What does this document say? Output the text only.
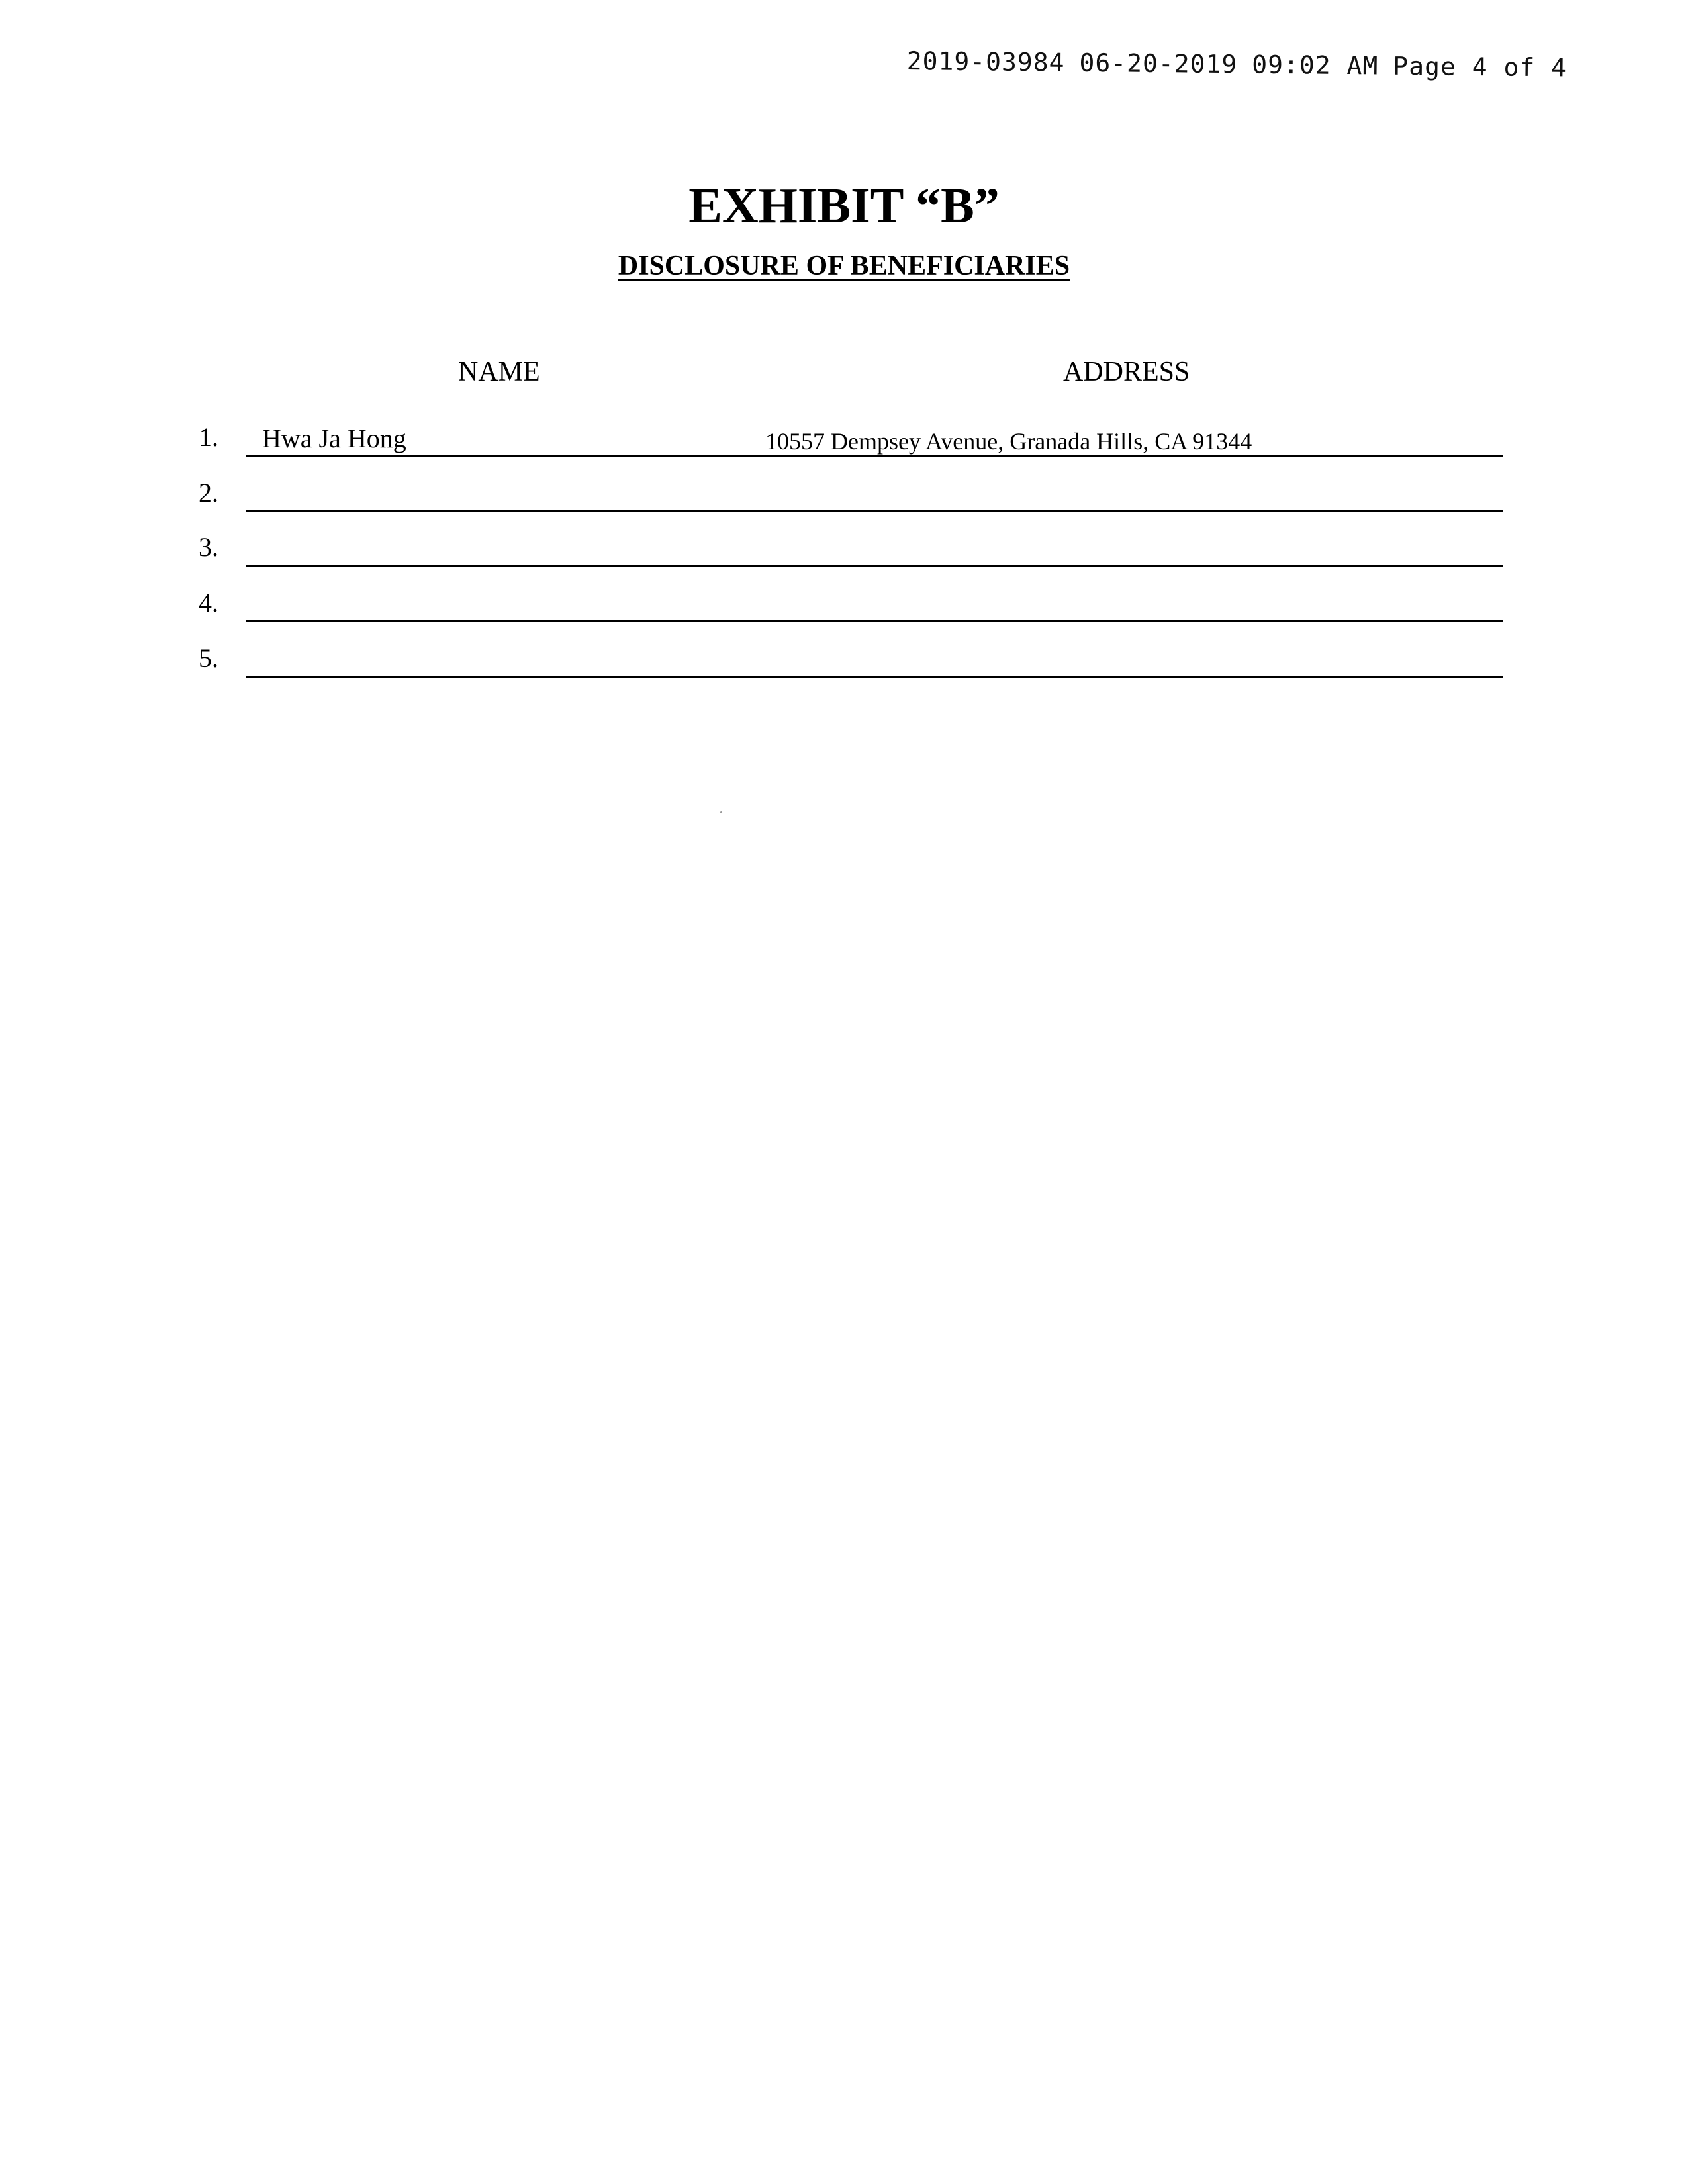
2019-03984 06-20-2019 09:02 AM Page 4 of 4
EXHIBIT “B”
DISCLOSURE OF BENEFICIARIES
NAME	ADDRESS
1. Hwa Ja Hong	10557 Dempsey Avenue, Granada Hills, CA 91344
2.
3.
4.
5.
